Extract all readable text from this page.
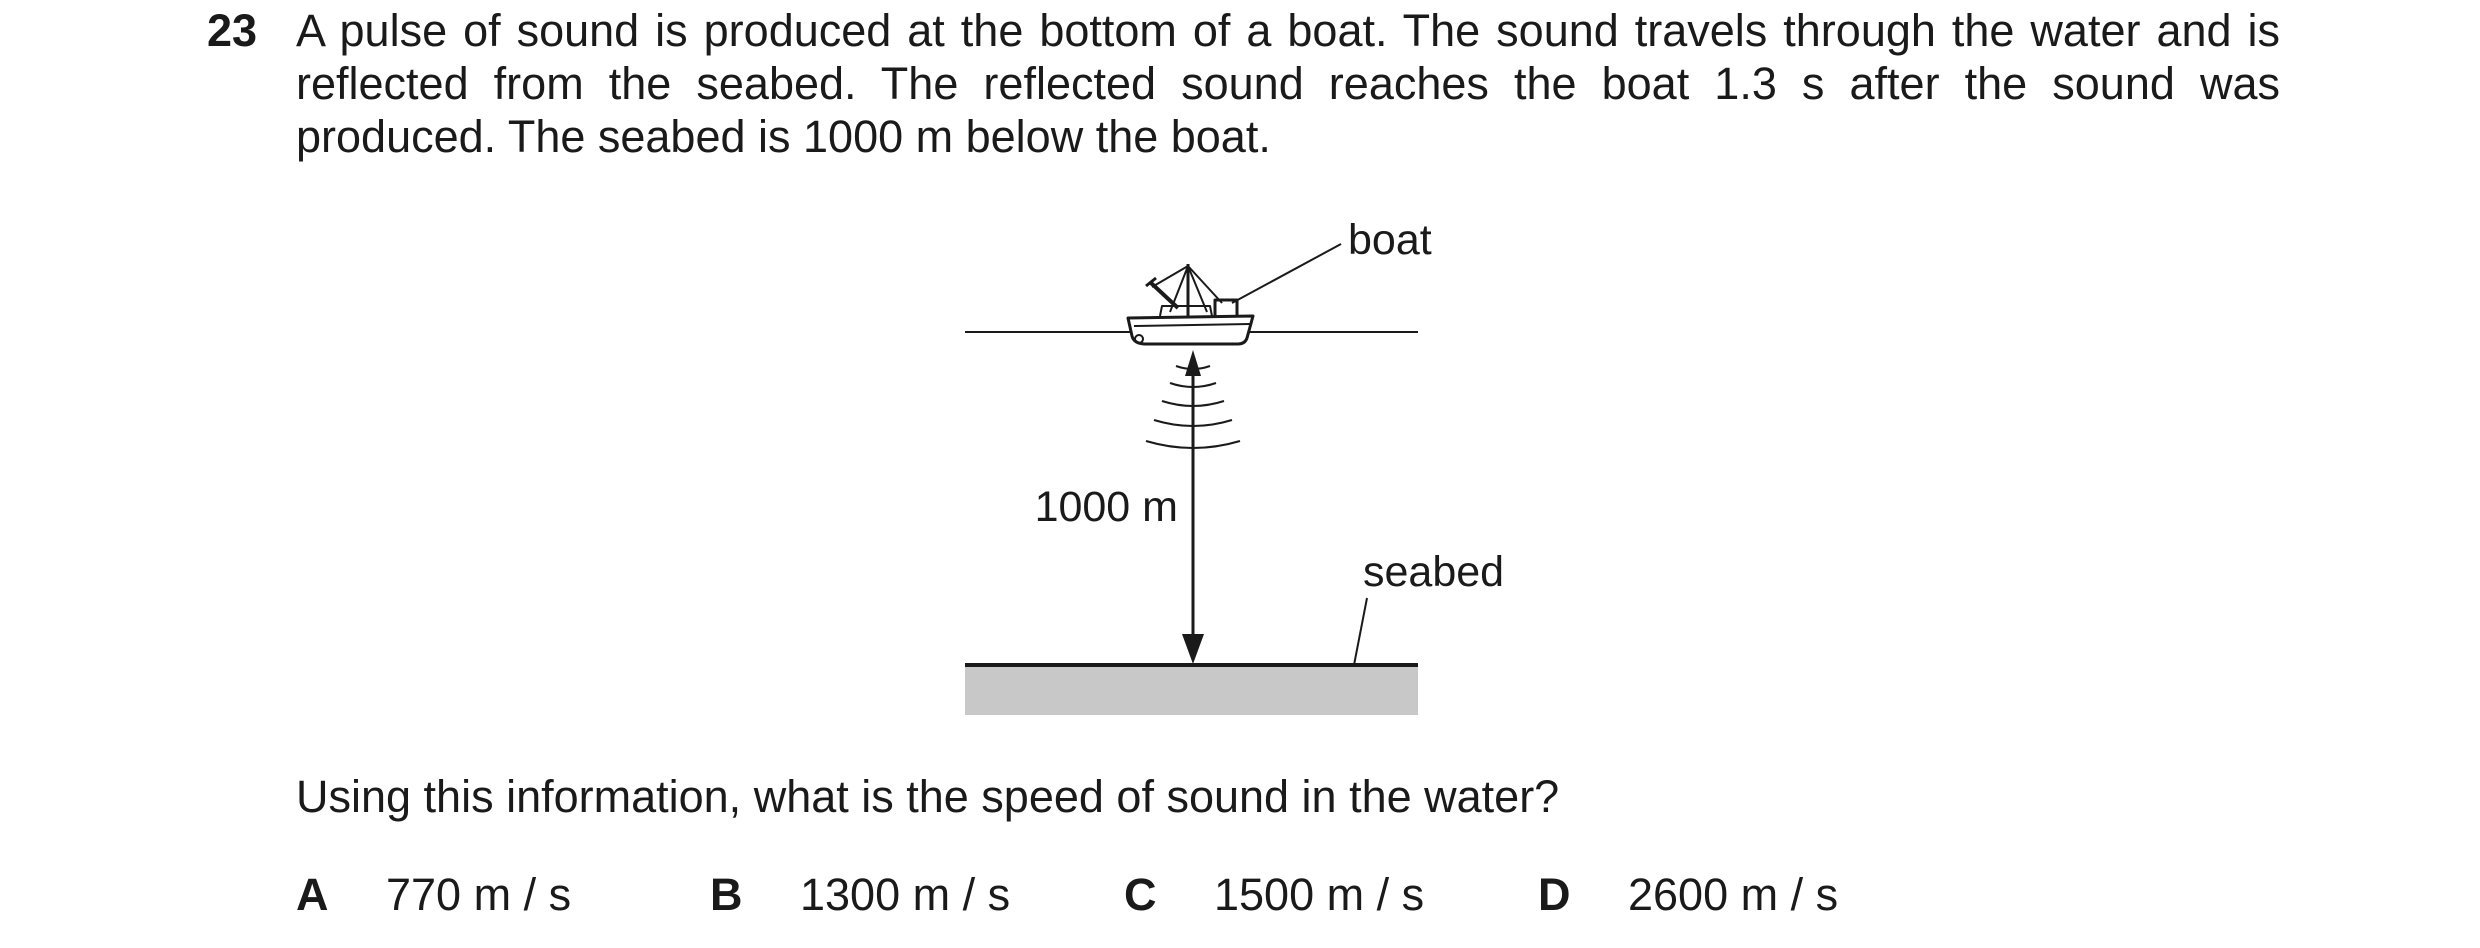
23 A pulse of sound is produced at the bottom of a boat. The sound travels through the water and is reflected from the seabed. The reflected sound reaches the boat 1.3 s after the sound was produced. The seabed is 1000 m below the boat.
boat
1000 m
seabed
Using this information, what is the speed of sound in the water?
A 770 m / s	B 1300 m / s	C 1500 m / s	D 2600 m / s
